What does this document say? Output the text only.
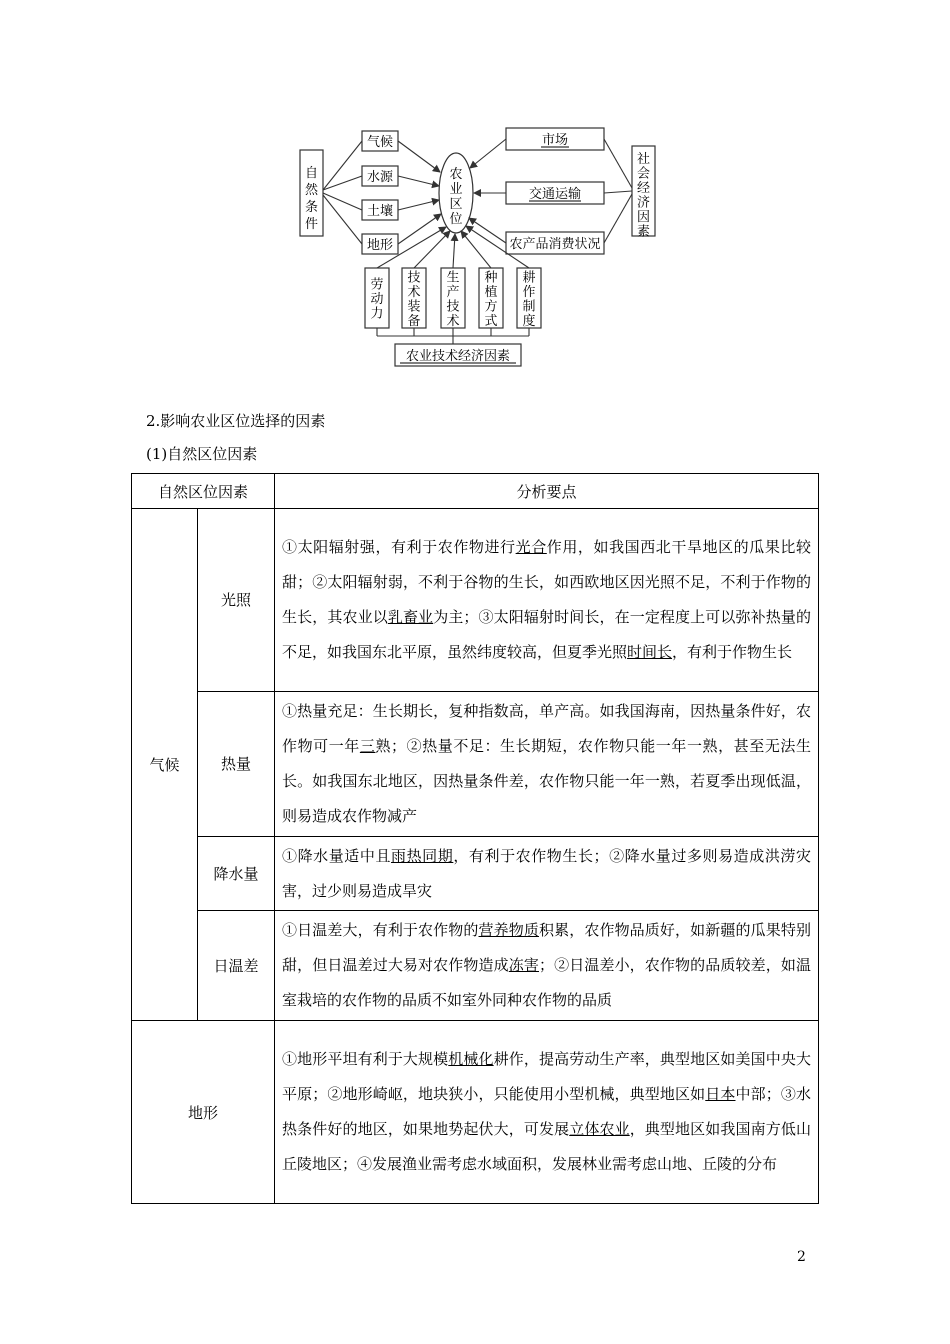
自
然
条
件
气候
水源
土壤
地形
农
业
区
位
市场
交通运输
农产品消费状况
社
会
经
济
因
素
劳
动
力
技
术
装
备
生
产
技
术
种
植
方
式
耕
作
制
度
农业技术经济因素
2.影响农业区位选择的因素
(1)自然区位因素
自然区位因素		分析要点
气候	光照	①太阳辐射强，有利于农作物进行光合作用，如我国西北干旱地区的瓜果比较甜；②太阳辐射弱，不利于谷物的生长，如西欧地区因光照不足，不利于作物的生长，其农业以乳畜业为主；③太阳辐射时间长，在一定程度上可以弥补热量的不足，如我国东北平原，虽然纬度较高，但夏季光照时间长，有利于作物生长
	热量	①热量充足：生长期长，复种指数高，单产高。如我国海南，因热量条件好，农作物可一年三熟；②热量不足：生长期短，农作物只能一年一熟，甚至无法生长。如我国东北地区，因热量条件差，农作物只能一年一熟，若夏季出现低温，则易造成农作物减产
	降水量	①降水量适中且雨热同期，有利于农作物生长；②降水量过多则易造成洪涝灾害，过少则易造成旱灾
	日温差	①日温差大，有利于农作物的营养物质积累，农作物品质好，如新疆的瓜果特别甜，但日温差过大易对农作物造成冻害；②日温差小，农作物的品质较差，如温室栽培的农作物的品质不如室外同种农作物的品质
地形		①地形平坦有利于大规模机械化耕作，提高劳动生产率，典型地区如美国中央大平原；②地形崎岖，地块狭小，只能使用小型机械，典型地区如日本中部；③水热条件好的地区，如果地势起伏大，可发展立体农业，典型地区如我国南方低山丘陵地区；④发展渔业需考虑水域面积，发展林业需考虑山地、丘陵的分布
2
